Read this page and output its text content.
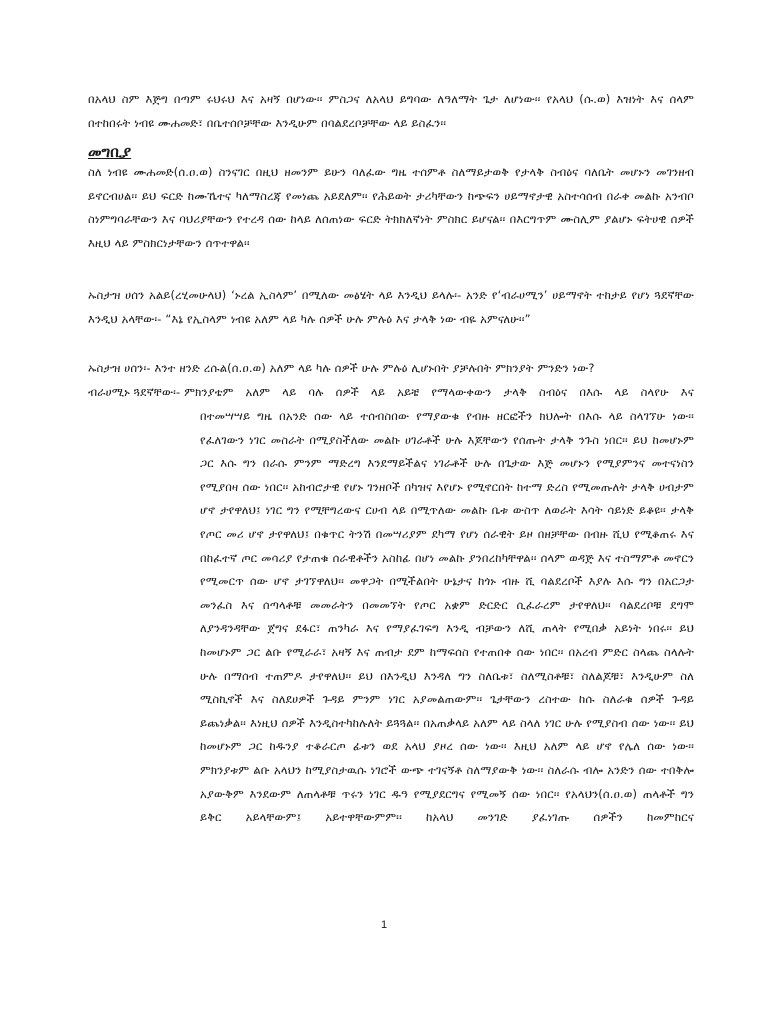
በአላህ ስም እጅግ በጣም ሩህሩህ እና አዛኝ በሆነው፡፡ ምስጋና ለአላህ ይግባው ለዓለማት ጌታ ለሆነው፡፡ የአላህ (ሱ.ወ) እዝነት እና ሰላም በተከበሩት ነብዩ ሙሐመድ፣ በቤተሰቦቻቸው እንዲሁም በባልደረቦቻቸው ላይ ይስፈን፡፡

መግቢያ

ስለ ነብዩ ሙሐመድ(ሰ.ዐ.ወ) ስንናገር በዚህ ዘመንም ይሁን ባለፈው ግዜ ተሰምቶ ስለማይታወቅ የታላቅ ስብዕና ባለቤት መሆኑን መገንዘብ ይኖርብሀል፡፡ ይህ ፍርድ ከሙኼተና ካለማስረጃ የመነጨ አይደለም፡፡ የሕይወት ታሪካቸውን ከጭፍን ሀይማኖታዊ አስተሳሰብ በራቀ መልኩ አንብቦ ስነምግባራቸውን እና ባህሪያቸውን የተረዳ ሰው ከላይ ለሰጠነው ፍርድ ትክክለኛነት ምስክር ይሆናል፡፡ በእርግጥም ሙስሊም ያልሆኑ ፍትሀዊ ሰዎች እዚህ ላይ ምስክርነታቸውን ሰጥተዋል፡፡

ኡስታዝ ሀሰን አልይ(ረሂመሁላህ) ‘ኑረል ኢስላም’ በሚለው መፅሄት ላይ እንዲህ ይላሉ፡- አንድ የ‘ብራሀሚን’ ሀይማኖት ተከታይ የሆነ ጓደኛቸው እንዲህ አላቸው፡- “እኔ የኢስላም ነብዩ አለም ላይ ካሉ ሰዎች ሁሉ ምሉዕ እና ታላቅ ነው ብዬ አምናለሁ፡፡”

ኡስታዝ ሀሰን፡- እንተ ዘንድ ረሱል(ሰ.ዐ.ወ) አለም ላይ ካሉ ሰዎች ሁሉ ምሉዕ ሊሆኑበት ያቻሉበት ምክንያት ምንድን ነው?

ብራሀሚኑ ጓደኛቸው፡- ምክንያቴም አለም ላይ ባሉ ሰዎች ላይ አይቼ የማላውቀውን ታላቅ ስብዕና በእሱ ላይ ስላየሁ እና

በተመሣሣይ ግዜ በአንድ ሰው ላይ ተሰብስበው የማያውቁ የብዙ ዘርፎችን ክህሎት በእሱ ላይ ስላገኘሁ ነው፡፡ የፈለገውን ነገር መስራት በሚያስችለው መልኩ ሀገራቶች ሁሉ እጆቸውን የሰጡት ታላቅ ንጉስ ነበር፡፡ ይህ ከመሆኑም ጋር እሱ ግን በራሱ ምንም ማድረግ እንደማይችልና ነገራቶች ሁሉ በጌታው እጅ መሆኑን የሚያምንና መተናነስን የሚያበዛ ሰው ነበር፡፡ አከብሮታዊ የሆኑ ገንዘቦች በካዝና እየሆኑ የሚኖርበት ከተማ ድረስ የሚመጡለት ታላቅ ሀብታም ሆኖ ታየዋለህ፤ ነገር ግን የሚቸግረውና ርሀብ ላይ በሚጥለው መልኩ ቤቱ ውስጥ ለወራት እሳት ሳይነድ ይቆዩ፡፡ ታላቅ የጦር መሪ ሆኖ ታየዋለህ፤ በቁጥር ትንሽ በመሣሪያም ደካማ የሆነ ሰራዊት ይዞ በዘቻቸው በብዙ ሺህ የሚቆጠሩ እና በከፈተኛ ጦር መሳሪያ የታጠቁ ሰራዊቶችን አስከፊ በሆነ መልኩ ያንበረከካቸዋል፡፡ ሰላም ወዳጅ እና ተስማምቶ መኖርን የሚመርጥ ሰው ሆኖ ታገኘዋለህ፡፡ መዋጋት በሚችልበት ሁኔታና ከጎኑ ብዙ ሺ ባልደረቦች እያሉ እሱ ግን በአርጋታ መንፈስ እና ሰጣላቶቹ መመራትን በመመኘት የጦር አቋም ድርድር ሲፈራረም ታየዋለህ፡፡ ባልደረቦቹ ደግሞ ለያንዳንዳቸው ጀግና ደፋር፣ ጠንካራ እና የማያፈገፍግ እንዲ ብቻውን ለሺ ጠላት የሚበቃ አይነት ነበሩ፡፡ ይህ ከመሆኑም ጋር ልቡ የሚራራ፣ አዛኝ እና ጠብታ ደም ከማፍሰስ የተጠበቀ ሰው ነበር፡፡ በአረብ ምድር ስላጨ ስላሉት ሁሉ በማሰብ ተጠምዶ ታየዋለህ፡፡ ይህ በእንዲህ እንዳለ ግን ስለቤቱ፣ ስለሚስቶቹ፣ ስለልጆቹ፣ እንዲሁም ስለ ሚስኪኖች እና ስለደሀዎች ጉዳይ ምንም ነገር አያመልጠውም፡፡ ጌታቸውን ረስተው ከሱ ስለራቁ ሰዎች ጉዳይ ይጨነቃል፡፡ እነዚህ ሰዎች እንዲስተካከሉለት ይጓጓል፡፡ በአጠቃላይ አለም ላይ ስላለ ነገር ሁሉ የሚያስብ ሰው ነው፡፡ ይህ ከመሆኑም ጋር ከዱንያ ተቆራርጦ ፊቱን ወደ አላህ ያዞረ ሰው ነው፡፡ እዚህ አለም ላይ ሆኖ የሌለ ሰው ነው፡፡ ምክንያቱም ልቡ አላህን ከሚያስታዉሱ ነገሮች ውጭ ተገናኝቶ ስለማያውቅ ነው፡፡ ስለራሱ ብሎ አንድን ሰው ተበቅሎ አያውቅም እንደውም ለጠላቶቹ ጥሩን ነገር ዱዓ የሚያደርግና የሚመኝ ሰው ነበር፡፡ የአላህን(ሰ.ዐ.ወ) ጠላቶች ግን ይቅር አይላቸውም፤ አይተዋቸውምም፡፡ ከአላህ መንገድ ያፈነገጡ ሰዎችን ከመምከርና

1
